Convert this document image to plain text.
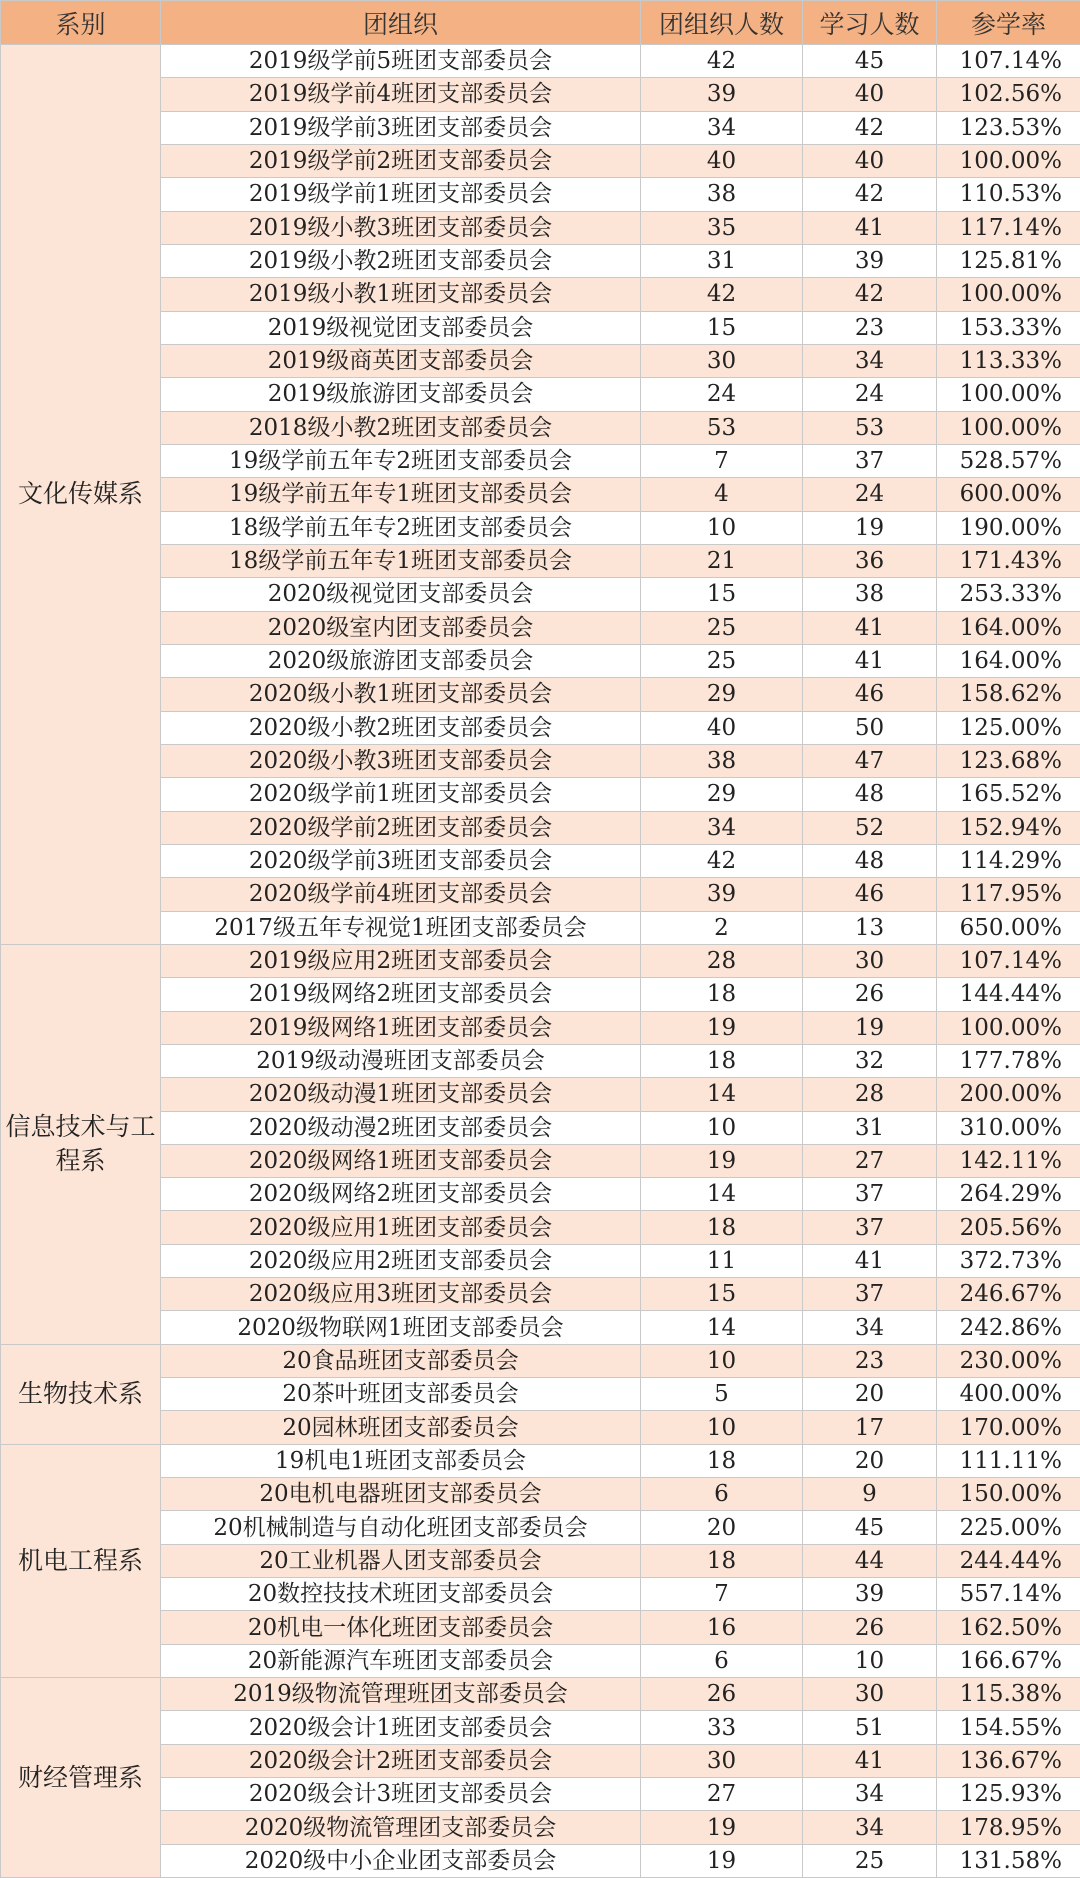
系别	团组织	团组织人数	学习人数	参学率
文化传媒系	2019级学前5班团支部委员会	42	45	107.14%
	2019级学前4班团支部委员会	39	40	102.56%
	2019级学前3班团支部委员会	34	42	123.53%
	2019级学前2班团支部委员会	40	40	100.00%
	2019级学前1班团支部委员会	38	42	110.53%
	2019级小教3班团支部委员会	35	41	117.14%
	2019级小教2班团支部委员会	31	39	125.81%
	2019级小教1班团支部委员会	42	42	100.00%
	2019级视觉团支部委员会	15	23	153.33%
	2019级商英团支部委员会	30	34	113.33%
	2019级旅游团支部委员会	24	24	100.00%
	2018级小教2班团支部委员会	53	53	100.00%
	19级学前五年专2班团支部委员会	7	37	528.57%
	19级学前五年专1班团支部委员会	4	24	600.00%
	18级学前五年专2班团支部委员会	10	19	190.00%
	18级学前五年专1班团支部委员会	21	36	171.43%
	2020级视觉团支部委员会	15	38	253.33%
	2020级室内团支部委员会	25	41	164.00%
	2020级旅游团支部委员会	25	41	164.00%
	2020级小教1班团支部委员会	29	46	158.62%
	2020级小教2班团支部委员会	40	50	125.00%
	2020级小教3班团支部委员会	38	47	123.68%
	2020级学前1班团支部委员会	29	48	165.52%
	2020级学前2班团支部委员会	34	52	152.94%
	2020级学前3班团支部委员会	42	48	114.29%
	2020级学前4班团支部委员会	39	46	117.95%
	2017级五年专视觉1班团支部委员会	2	13	650.00%
信息技术与工程系	2019级应用2班团支部委员会	28	30	107.14%
	2019级网络2班团支部委员会	18	26	144.44%
	2019级网络1班团支部委员会	19	19	100.00%
	2019级动漫班团支部委员会	18	32	177.78%
	2020级动漫1班团支部委员会	14	28	200.00%
	2020级动漫2班团支部委员会	10	31	310.00%
	2020级网络1班团支部委员会	19	27	142.11%
	2020级网络2班团支部委员会	14	37	264.29%
	2020级应用1班团支部委员会	18	37	205.56%
	2020级应用2班团支部委员会	11	41	372.73%
	2020级应用3班团支部委员会	15	37	246.67%
	2020级物联网1班团支部委员会	14	34	242.86%
生物技术系	20食品班团支部委员会	10	23	230.00%
	20茶叶班团支部委员会	5	20	400.00%
	20园林班团支部委员会	10	17	170.00%
机电工程系	19机电1班团支部委员会	18	20	111.11%
	20电机电器班团支部委员会	6	9	150.00%
	20机械制造与自动化班团支部委员会	20	45	225.00%
	20工业机器人团支部委员会	18	44	244.44%
	20数控技技术班团支部委员会	7	39	557.14%
	20机电一体化班团支部委员会	16	26	162.50%
	20新能源汽车班团支部委员会	6	10	166.67%
财经管理系	2019级物流管理班团支部委员会	26	30	115.38%
	2020级会计1班团支部委员会	33	51	154.55%
	2020级会计2班团支部委员会	30	41	136.67%
	2020级会计3班团支部委员会	27	34	125.93%
	2020级物流管理团支部委员会	19	34	178.95%
	2020级中小企业团支部委员会	19	25	131.58%
